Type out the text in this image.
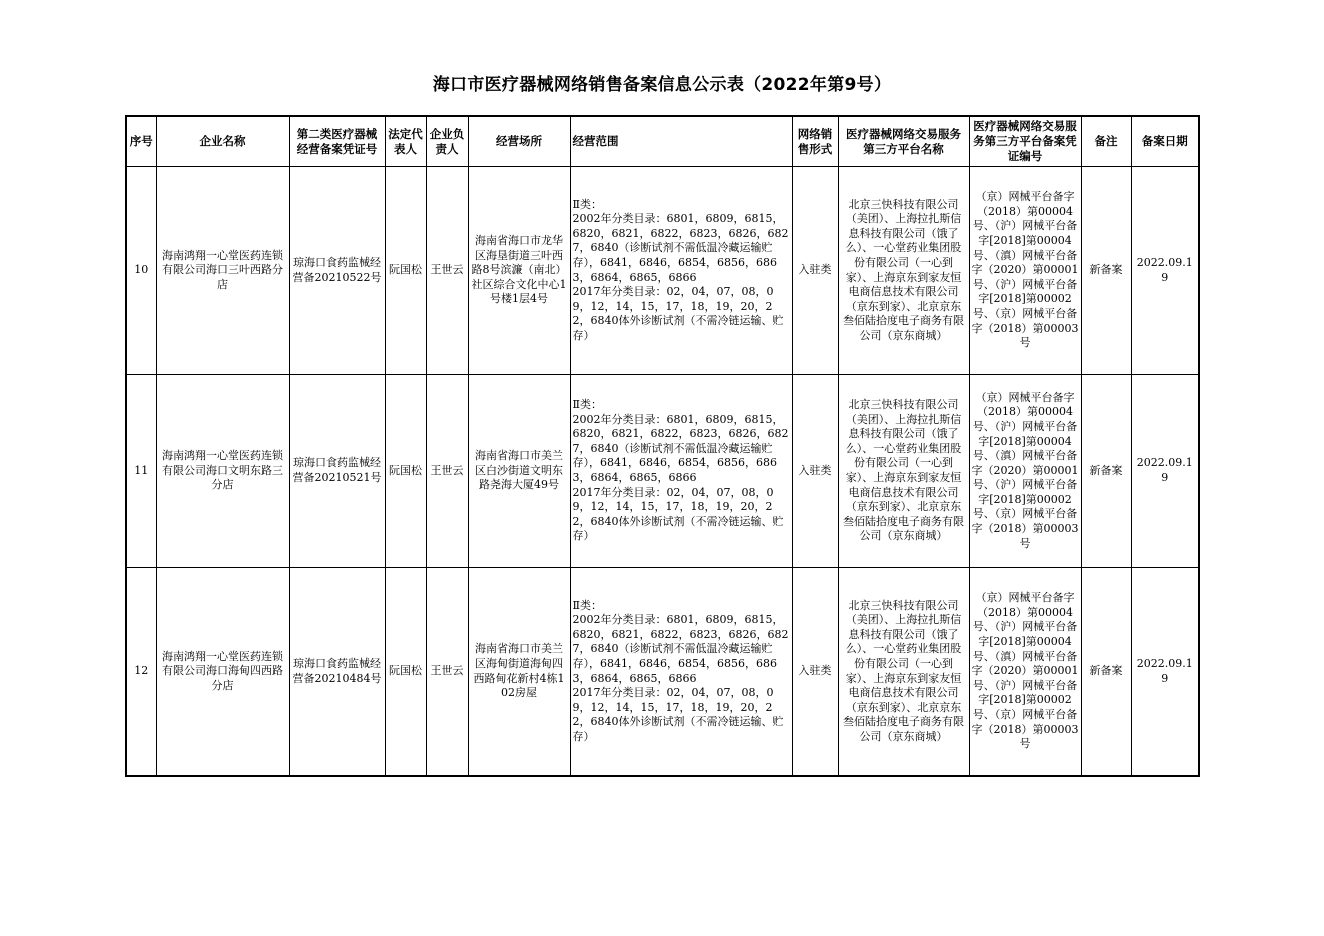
海口市医疗器械网络销售备案信息公示表（2022年第9号）
序号	企业名称	第二类医疗器械经营备案凭证号	法定代表人	企业负责人	经营场所	经营范围	网络销售形式	医疗器械网络交易服务第三方平台名称	医疗器械网络交易服务第三方平台备案凭证编号	备注	备案日期
10	海南鸿翔一心堂医药连锁有限公司海口三叶西路分店	琼海口食药监械经营备20210522号	阮国松	王世云	海南省海口市龙华区海垦街道三叶西路8号滨濂（南北）社区综合文化中心1号楼1层4号	Ⅱ类：
2002年分类目录：6801，6809，6815，6820，6821，6822，6823，6826，6827，6840（诊断试剂不需低温冷藏运输贮存），6841，6846，6854，6856，6863，6864，6865，6866
2017年分类目录：02，04，07，08，09，12，14，15，17，18，19，20，22，6840体外诊断试剂（不需冷链运输、贮存）	入驻类	北京三快科技有限公司（美团）、上海拉扎斯信息科技有限公司（饿了么）、一心堂药业集团股份有限公司（一心到家）、上海京东到家友恒电商信息技术有限公司（京东到家）、北京京东叁佰陆拾度电子商务有限公司（京东商城）	（京）网械平台备字（2018）第00004号、（沪）网械平台备字[2018]第00004号、（滇）网械平台备字（2020）第00001号、（沪）网械平台备字[2018]第00002号、（京）网械平台备字（2018）第00003号	新备案	2022.09.19
11	海南鸿翔一心堂医药连锁有限公司海口文明东路三分店	琼海口食药监械经营备20210521号	阮国松	王世云	海南省海口市美兰区白沙街道文明东路尧海大厦49号	Ⅱ类：
2002年分类目录：6801，6809，6815，6820，6821，6822，6823，6826，6827，6840（诊断试剂不需低温冷藏运输贮存），6841，6846，6854，6856，6863，6864，6865，6866
2017年分类目录：02，04，07，08，09，12，14，15，17，18，19，20，22，6840体外诊断试剂（不需冷链运输、贮存）	入驻类	北京三快科技有限公司（美团）、上海拉扎斯信息科技有限公司（饿了么）、一心堂药业集团股份有限公司（一心到家）、上海京东到家友恒电商信息技术有限公司（京东到家）、北京京东叁佰陆拾度电子商务有限公司（京东商城）	（京）网械平台备字（2018）第00004号、（沪）网械平台备字[2018]第00004号、（滇）网械平台备字（2020）第00001号、（沪）网械平台备字[2018]第00002号、（京）网械平台备字（2018）第00003号	新备案	2022.09.19
12	海南鸿翔一心堂医药连锁有限公司海口海甸四西路分店	琼海口食药监械经营备20210484号	阮国松	王世云	海南省海口市美兰区海甸街道海甸四西路甸花新村4栋102房屋	Ⅱ类：
2002年分类目录：6801，6809，6815，6820，6821，6822，6823，6826，6827，6840（诊断试剂不需低温冷藏运输贮存），6841，6846，6854，6856，6863，6864，6865，6866
2017年分类目录：02，04，07，08，09，12，14，15，17，18，19，20，22，6840体外诊断试剂（不需冷链运输、贮存）	入驻类	北京三快科技有限公司（美团）、上海拉扎斯信息科技有限公司（饿了么）、一心堂药业集团股份有限公司（一心到家）、上海京东到家友恒电商信息技术有限公司（京东到家）、北京京东叁佰陆拾度电子商务有限公司（京东商城）	（京）网械平台备字（2018）第00004号、（沪）网械平台备字[2018]第00004号、（滇）网械平台备字（2020）第00001号、（沪）网械平台备字[2018]第00002号、（京）网械平台备字（2018）第00003号	新备案	2022.09.19
